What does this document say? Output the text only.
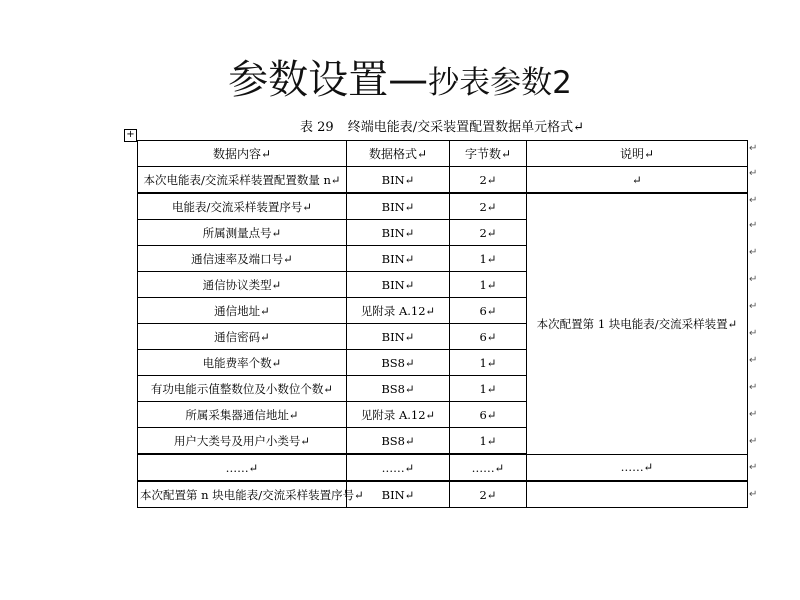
参数设置—抄表参数2
表 29 终端电能表/交采装置配置数据单元格式↵
+
数据内容↵	数据格式↵	字节数↵	说明↵
本次电能表/交流采样装置配置数量 n↵	BIN↵	2↵	↵
电能表/交流采样装置序号↵	BIN↵	2↵	本次配置第 1 块电能表/交流采样装置↵
所属测量点号↵	BIN↵	2↵	
通信速率及端口号↵	BIN↵	1↵	
通信协议类型↵	BIN↵	1↵	
通信地址↵	见附录 A.12↵	6↵	
通信密码↵	BIN↵	6↵	
电能费率个数↵	BS8↵	1↵	
有功电能示值整数位及小数位个数↵	BS8↵	1↵	
所属采集器通信地址↵	见附录 A.12↵	6↵	
用户大类号及用户小类号↵	BS8↵	1↵	
……↵	……↵	……↵	……↵
本次配置第 n 块电能表/交流采样装置序号↵	BIN↵	2↵	
↵
↵
↵
↵
↵
↵
↵
↵
↵
↵
↵
↵
↵
↵
